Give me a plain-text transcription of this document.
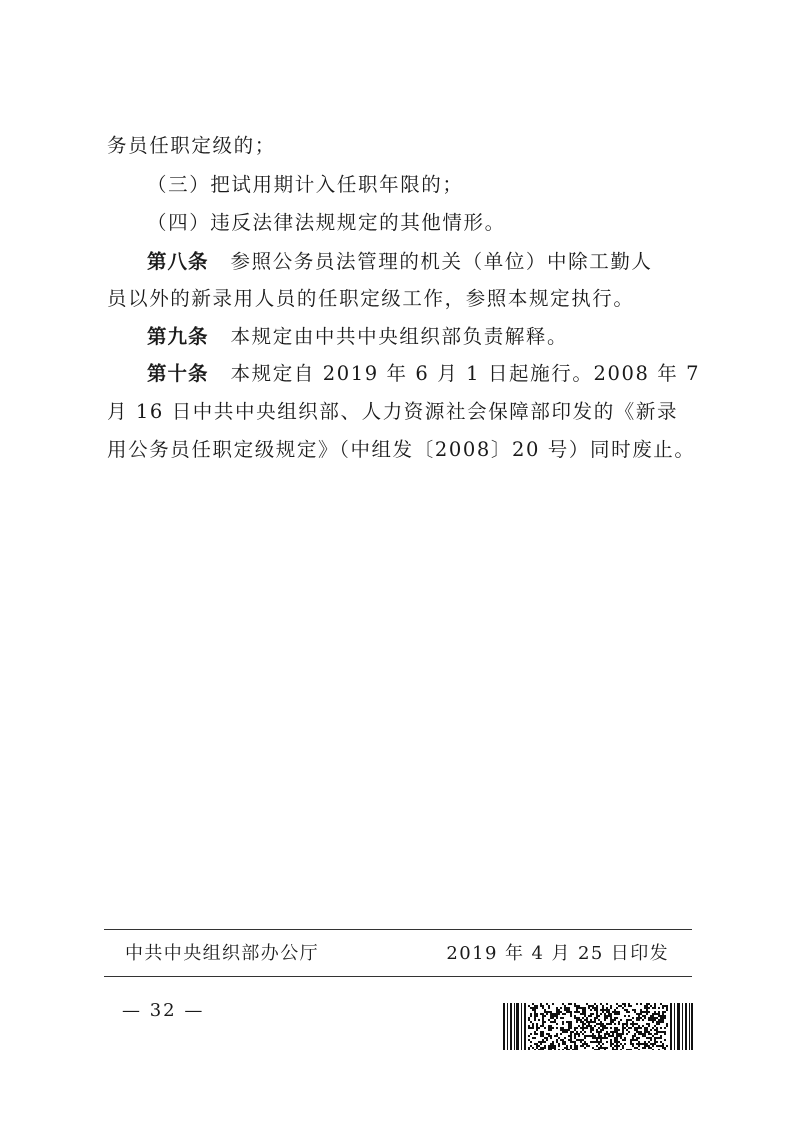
务员任职定级的；
（三）把试用期计入任职年限的；
（四）违反法律法规规定的其他情形。
第八条 参照公务员法管理的机关（单位）中除工勤人
员以外的新录用人员的任职定级工作，参照本规定执行。
第九条 本规定由中共中央组织部负责解释。
第十条 本规定自 2019 年 6 月 1 日起施行。2008 年 7
月 16 日中共中央组织部、人力资源社会保障部印发的《新录
用公务员任职定级规定》（中组发〔2008〕20 号）同时废止。
中共中央组织部办公厅	2019 年 4 月 25 日印发
— 32 —
